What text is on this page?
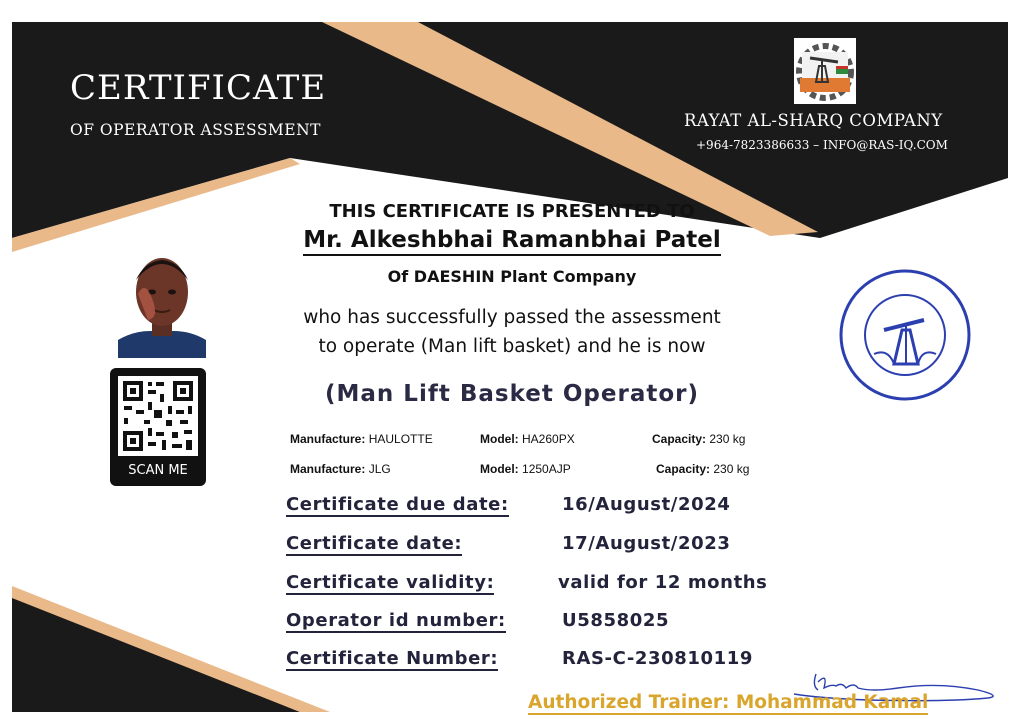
CERTIFICATE
OF OPERATOR ASSESSMENT	RAYAT AL-SHARQ COMPANY
+964-7823386633 – INFO@RAS-IQ.COM
THIS CERTIFICATE IS PRESENTED TO
Mr. Alkeshbhai Ramanbhai Patel
Of DAESHIN Plant Company
who has successfully passed the assessment
to operate (Man lift basket) and he is now
(Man Lift Basket Operator)
SCAN ME
Manufacture: HAULOTTE	Model: HA260PX	Capacity: 230 kg
Manufacture: JLG	Model: 1250AJP	Capacity: 230 kg
Certificate due date:	16/August/2024
Certificate date:	17/August/2023
Certificate validity:	valid for 12 months
Operator id number:	U5858025
Certificate Number:	RAS-C-230810119
Authorized Trainer: Mohammad Kamal
